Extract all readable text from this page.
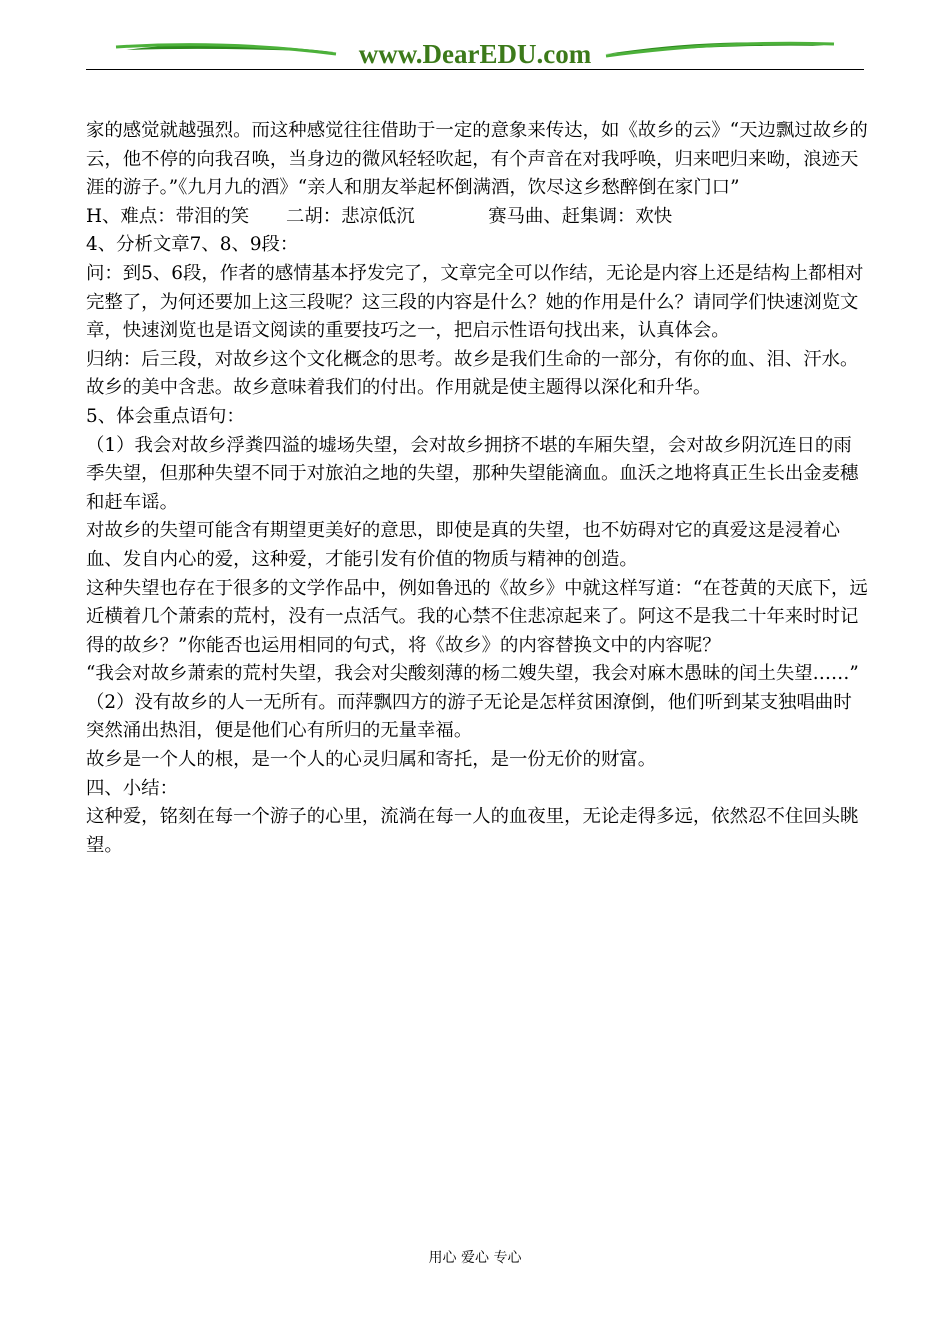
www.DearEDU.com

家的感觉就越强烈。而这种感觉往往借助于一定的意象来传达，如《故乡的云》“天边飘过故乡的云，他不停的向我召唤，当身边的微风轻轻吹起，有个声音在对我呼唤，归来吧归来呦，浪迹天涯的游子。”《九月九的酒》“亲人和朋友举起杯倒满酒，饮尽这乡愁醉倒在家门口”

H、难点：带泪的笑　　二胡：悲凉低沉　　　　赛马曲、赶集调：欢快

4、分析文章7、8、9段：

问：到5、6段，作者的感情基本抒发完了，文章完全可以作结，无论是内容上还是结构上都相对完整了，为何还要加上这三段呢？这三段的内容是什么？她的作用是什么？请同学们快速浏览文章，快速浏览也是语文阅读的重要技巧之一，把启示性语句找出来，认真体会。

归纳：后三段，对故乡这个文化概念的思考。故乡是我们生命的一部分，有你的血、泪、汗水。故乡的美中含悲。故乡意味着我们的付出。作用就是使主题得以深化和升华。

5、体会重点语句：

（1）我会对故乡浮粪四溢的墟场失望，会对故乡拥挤不堪的车厢失望，会对故乡阴沉连日的雨季失望，但那种失望不同于对旅泊之地的失望，那种失望能滴血。血沃之地将真正生长出金麦穗和赶车谣。

对故乡的失望可能含有期望更美好的意思，即使是真的失望，也不妨碍对它的真爱这是浸着心血、发自内心的爱，这种爱，才能引发有价值的物质与精神的创造。

这种失望也存在于很多的文学作品中，例如鲁迅的《故乡》中就这样写道：“在苍黄的天底下，远近横着几个萧索的荒村，没有一点活气。我的心禁不住悲凉起来了。阿这不是我二十年来时时记得的故乡？”你能否也运用相同的句式，将《故乡》的内容替换文中的内容呢？

“我会对故乡萧索的荒村失望，我会对尖酸刻薄的杨二嫂失望，我会对麻木愚昧的闰土失望……”

（2）没有故乡的人一无所有。而萍飘四方的游子无论是怎样贫困潦倒，他们听到某支独唱曲时突然涌出热泪，便是他们心有所归的无量幸福。

故乡是一个人的根，是一个人的心灵归属和寄托，是一份无价的财富。

四、小结：

这种爱，铭刻在每一个游子的心里，流淌在每一人的血夜里，无论走得多远，依然忍不住回头眺望。

用心 爱心 专心
